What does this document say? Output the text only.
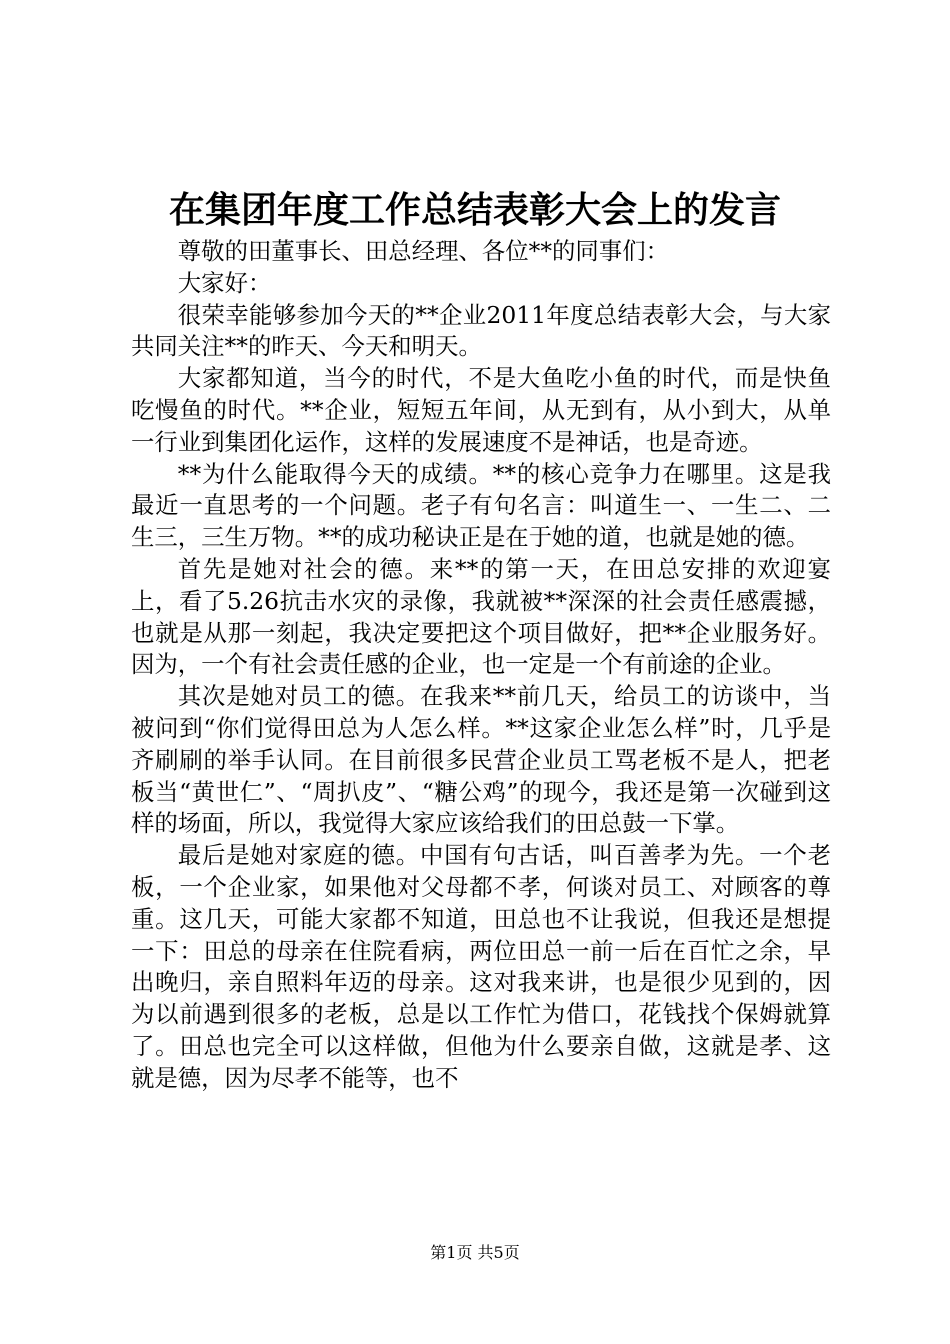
在集团年度工作总结表彰大会上的发言

尊敬的田董事长、田总经理、各位**的同事们：

大家好：

很荣幸能够参加今天的**企业2011年度总结表彰大会，与大家共同关注**的昨天、今天和明天。

大家都知道，当今的时代，不是大鱼吃小鱼的时代，而是快鱼吃慢鱼的时代。**企业，短短五年间，从无到有，从小到大，从单一行业到集团化运作，这样的发展速度不是神话，也是奇迹。

**为什么能取得今天的成绩。**的核心竞争力在哪里。这是我最近一直思考的一个问题。老子有句名言：叫道生一、一生二、二生三，三生万物。**的成功秘诀正是在于她的道，也就是她的德。

首先是她对社会的德。来**的第一天，在田总安排的欢迎宴上，看了5.26抗击水灾的录像，我就被**深深的社会责任感震撼，也就是从那一刻起，我决定要把这个项目做好，把**企业服务好。因为，一个有社会责任感的企业，也一定是一个有前途的企业。

其次是她对员工的德。在我来**前几天，给员工的访谈中，当被问到“你们觉得田总为人怎么样。**这家企业怎么样”时，几乎是齐刷刷的举手认同。在目前很多民营企业员工骂老板不是人，把老板当“黄世仁”、“周扒皮”、“糖公鸡”的现今，我还是第一次碰到这样的场面，所以，我觉得大家应该给我们的田总鼓一下掌。

最后是她对家庭的德。中国有句古话，叫百善孝为先。一个老板，一个企业家，如果他对父母都不孝，何谈对员工、对顾客的尊重。这几天，可能大家都不知道，田总也不让我说，但我还是想提一下：田总的母亲在住院看病，两位田总一前一后在百忙之余，早出晚归，亲自照料年迈的母亲。这对我来讲，也是很少见到的，因为以前遇到很多的老板，总是以工作忙为借口，花钱找个保姆就算了。田总也完全可以这样做，但他为什么要亲自做，这就是孝、这就是德，因为尽孝不能等，也不

第1页 共5页
